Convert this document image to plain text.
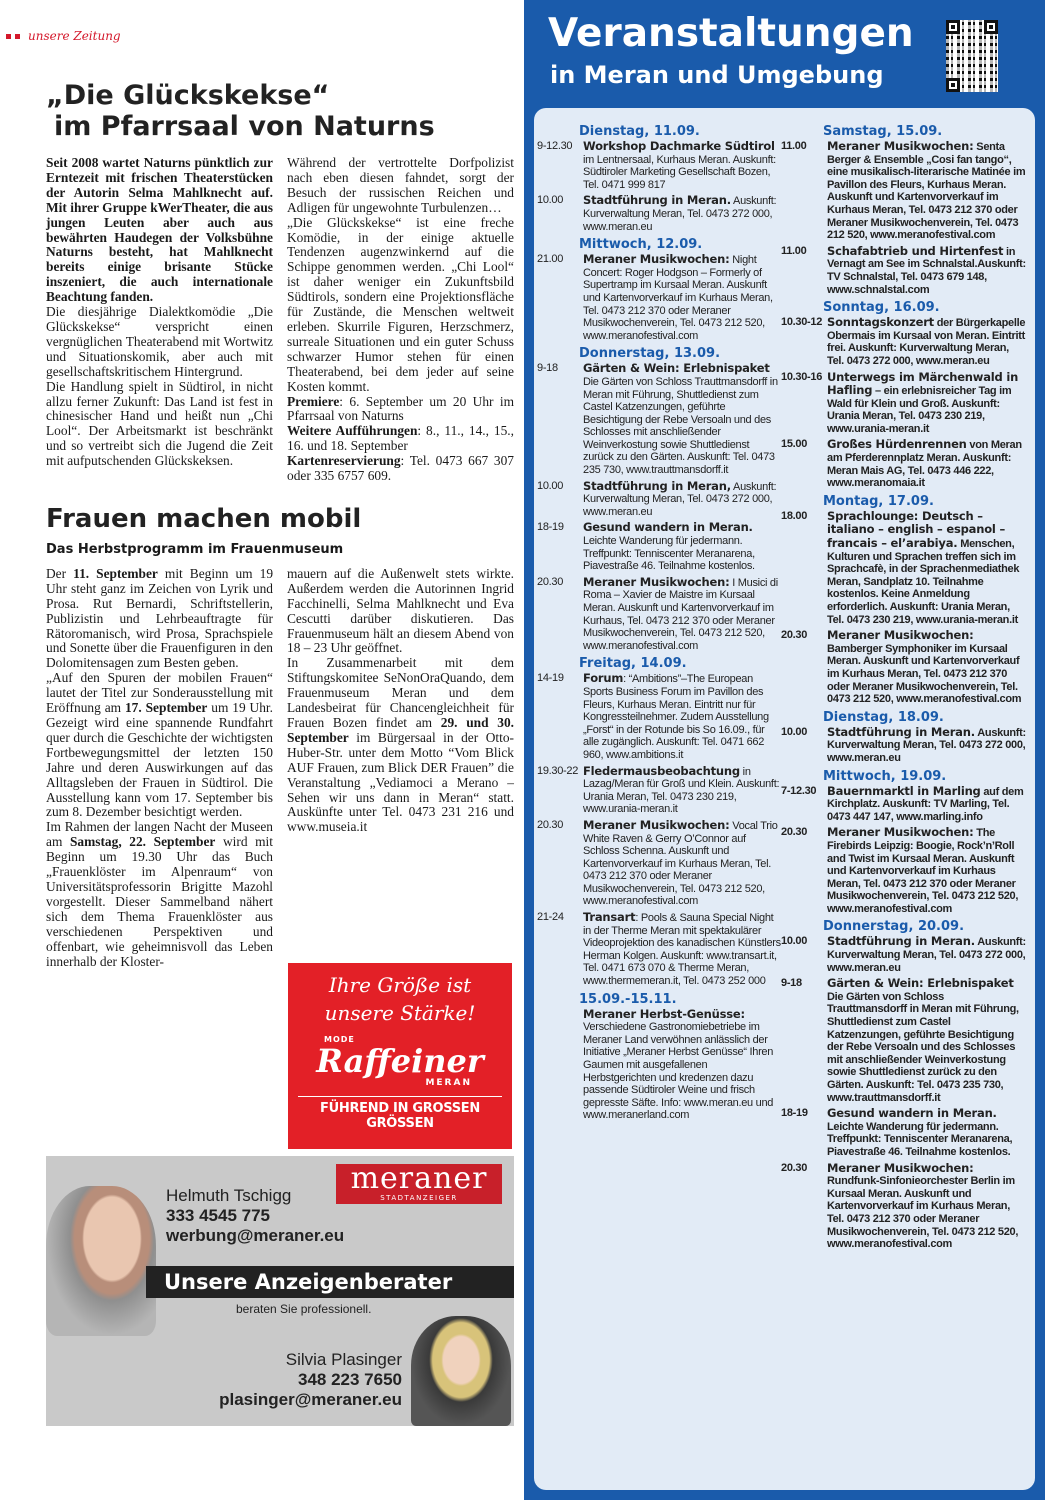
unsere Zeitung
„Die Glückskekse“
im Pfarrsaal von Naturns

Seit 2008 wartet Naturns pünktlich zur Erntezeit mit frischen Theaterstücken der Autorin Selma Mahlknecht auf. Mit ihrer Gruppe kWerTheater, die aus jungen Leuten aber auch aus bewährten Haudegen der Volksbühne Naturns besteht, hat Mahlknecht bereits einige brisante Stücke inszeniert, die auch internationale Beachtung fanden.

Die diesjährige Dialektkomödie „Die Glückskekse“ verspricht einen vergnüglichen Theaterabend mit Wortwitz und Situationskomik, aber auch mit gesellschaftskritischem Hintergrund.

Die Handlung spielt in Südtirol, in nicht allzu ferner Zukunft: Das Land ist fest in chinesischer Hand und heißt nun „Chi Lool“. Der Arbeitsmarkt ist beschränkt und so vertreibt sich die Jugend die Zeit mit aufputschenden Glückskeksen.

Während der vertrottelte Dorfpolizist nach eben diesen fahndet, sorgt der Besuch der russischen Reichen und Adligen für ungewohnte Turbulenzen…

„Die Glückskekse“ ist eine freche Komödie, in der einige aktuelle Tendenzen augenzwinkernd auf die Schippe genommen werden. „Chi Lool“ ist daher weniger ein Zukunftsbild Südtirols, sondern eine Projektionsfläche für Zustände, die Menschen weltweit erleben. Skurrile Figuren, Herzschmerz, surreale Situationen und ein guter Schuss schwarzer Humor stehen für einen Theaterabend, bei dem jeder auf seine Kosten kommt.

Premiere: 6. September um 20 Uhr im Pfarrsaal von Naturns

Weitere Aufführungen: 8., 11., 14., 15., 16. und 18. September

Kartenreservierung: Tel. 0473 667 307 oder 335 6757 609.

Frauen machen mobil
Das Herbstprogramm im Frauenmuseum

Der 11. September mit Beginn um 19 Uhr steht ganz im Zeichen von Lyrik und Prosa. Rut Bernardi, Schriftstellerin, Publizistin und Lehrbeauftragte für Rätoromanisch, wird Prosa, Sprachspiele und Sonette über die Frauenfiguren in den Dolomitensagen zum Besten geben.

„Auf den Spuren der mobilen Frauen“ lautet der Titel zur Sonderausstellung mit Eröffnung am 17. September um 19 Uhr. Gezeigt wird eine spannende Rundfahrt quer durch die Geschichte der wichtigsten Fortbewegungsmittel der letzten 150 Jahre und deren Auswirkungen auf das Alltagsleben der Frauen in Südtirol. Die Ausstellung kann vom 17. September bis zum 8. Dezember besichtigt werden.

Im Rahmen der langen Nacht der Museen am Samstag, 22. September wird mit Beginn um 19.30 Uhr das Buch „Frauenklöster im Alpenraum“ von Universitätsprofessorin Brigitte Mazohl vorgestellt. Dieser Sammelband nähert sich dem Thema Frauenklöster aus verschiedenen Perspektiven und offenbart, wie geheimnisvoll das Leben innerhalb der Kloster-

mauern auf die Außenwelt stets wirkte. Außerdem werden die Autorinnen Ingrid Facchinelli, Selma Mahlknecht und Eva Cescutti darüber diskutieren. Das Frauenmuseum hält an diesem Abend von 18 – 23 Uhr geöffnet.

In Zusammenarbeit mit dem Stiftungskomitee SeNonOraQuando, dem Frauenmuseum Meran und dem Landesbeirat für Chancengleichheit für Frauen Bozen findet am 29. und 30. September im Bürgersaal in der Otto-Huber-Str. unter dem Motto “Vom Blick AUF Frauen, zum Blick DER Frauen” die Veranstaltung „Vediamoci a Merano – Sehen wir uns dann in Meran“ statt. Auskünfte unter Tel. 0473 231 216 und www.museia.it

Ihre Größe ist
unsere Stärke!
MODE
Raffeiner
MERAN
FÜHREND IN GROSSEN GRÖSSEN
meraner
STADTANZEIGER
Helmuth Tschigg
333 4545 775
werbung@meraner.eu
Unsere Anzeigenberater
beraten Sie professionell.
Silvia Plasinger
348 223 7650
plasinger@meraner.eu
Veranstaltungen
in Meran und Umgebung
Dienstag, 11.09.
9-12.30 Workshop Dachmarke Südtirol im Lentnersaal, Kurhaus Meran. Auskunft: Südtiroler Marketing Gesellschaft Bozen, Tel. 0471 999 817
10.00	Stadtführung in Meran. Auskunft: Kurverwaltung Meran, Tel. 0473 272 000, www.meran.eu
Mittwoch, 12.09.
21.00	Meraner Musikwochen: Night Concert: Roger Hodgson – Formerly of Supertramp im Kursaal Meran. Auskunft und Kartenvorverkauf im Kurhaus Meran, Tel. 0473 212 370 oder Meraner Musikwochenverein, Tel. 0473 212 520, www.meranofestival.com
Donnerstag, 13.09.
9-18	Gärten & Wein: Erlebnispaket Die Gärten von Schloss Trauttmansdorff in Meran mit Führung, Shuttledienst zum Castel Katzenzungen, geführte Besichtigung der Rebe Versoaln und des Schlosses mit anschließender Weinverkostung sowie Shuttledienst zurück zu den Gärten. Auskunft: Tel. 0473 235 730, www.trauttmansdorff.it
10.00	Stadtführung in Meran, Auskunft: Kurverwaltung Meran, Tel. 0473 272 000, www.meran.eu
18-19	Gesund wandern in Meran. Leichte Wanderung für jedermann. Treffpunkt: Tenniscenter Meranarena, Piavestraße 46. Teilnahme kostenlos.
20.30	Meraner Musikwochen: I Musici di Roma – Xavier de Maistre im Kursaal Meran. Auskunft und Kartenvorverkauf im Kurhaus, Tel. 0473 212 370 oder Meraner Musikwochenverein, Tel. 0473 212 520, www.meranofestival.com
Freitag, 14.09.
14-19	Forum: “Ambitions”–The European Sports Business Forum im Pavillon des Fleurs, Kurhaus Meran. Eintritt nur für Kongressteilnehmer. Zudem Ausstellung „Forst“ in der Rotunde bis So 16.09., für alle zugänglich. Auskunft: Tel. 0471 662 960, www.ambitions.it
19.30-22 Fledermausbeobachtung in Lazag/Meran für Groß und Klein. Auskunft: Urania Meran, Tel. 0473 230 219, www.urania-meran.it
20.30	Meraner Musikwochen: Vocal Trio White Raven & Gerry O’Connor auf Schloss Schenna. Auskunft und Kartenvorverkauf im Kurhaus Meran, Tel. 0473 212 370 oder Meraner Musikwochenverein, Tel. 0473 212 520, www.meranofestival.com
21-24	Transart: Pools & Sauna Special Night in der Therme Meran mit spektakulärer Videoprojektion des kanadischen Künstlers Herman Kolgen. Auskunft: www.transart.it, Tel. 0471 673 070 & Therme Meran, www.thermemeran.it, Tel. 0473 252 000
15.09.-15.11.
Meraner Herbst-Genüsse: Verschiedene Gastronomiebetriebe im Meraner Land verwöhnen anlässlich der Initiative „Meraner Herbst Genüsse“ Ihren Gaumen mit ausgefallenen Herbstgerichten und kredenzen dazu passende Südtiroler Weine und frisch gepresste Säfte. Info: www.meran.eu und www.meranerland.com
Samstag, 15.09.
11.00	Meraner Musikwochen: Senta Berger & Ensemble „Cosi fan tango“, eine musikalisch-literarische Matinée im Pavillon des Fleurs, Kurhaus Meran. Auskunft und Kartenvorverkauf im Kurhaus Meran, Tel. 0473 212 370 oder Meraner Musikwochenverein, Tel. 0473 212 520, www.meranofestival.com
11.00	Schafabtrieb und Hirtenfest in Vernagt am See im Schnalstal.Auskunft: TV Schnalstal, Tel. 0473 679 148, www.schnalstal.com
Sonntag, 16.09.
10.30-12 Sonntagskonzert der Bürgerkapelle Obermais im Kursaal von Meran. Eintritt frei. Auskunft: Kurverwaltung Meran, Tel. 0473 272 000, www.meran.eu
10.30-16 Unterwegs im Märchenwald in Hafling – ein erlebnisreicher Tag im Wald für Klein und Groß. Auskunft: Urania Meran, Tel. 0473 230 219, www.urania-meran.it
15.00	Großes Hürdenrennen von Meran am Pferderennplatz Meran. Auskunft: Meran Mais AG, Tel. 0473 446 222, www.meranomaia.it
Montag, 17.09.
18.00	Sprachlounge: Deutsch – italiano – english – espanol – francais – el’arabiya. Menschen, Kulturen und Sprachen treffen sich im Sprachcafè, in der Sprachenmediathek Meran, Sandplatz 10. Teilnahme kostenlos. Keine Anmeldung erforderlich. Auskunft: Urania Meran, Tel. 0473 230 219, www.urania-meran.it
20.30	Meraner Musikwochen: Bamberger Symphoniker im Kursaal Meran. Auskunft und Kartenvorverkauf im Kurhaus Meran, Tel. 0473 212 370 oder Meraner Musikwochenverein, Tel. 0473 212 520, www.meranofestival.com
Dienstag, 18.09.
10.00	Stadtführung in Meran. Auskunft: Kurverwaltung Meran, Tel. 0473 272 000, www.meran.eu
Mittwoch, 19.09.
7-12.30 Bauernmarktl in Marling auf dem Kirchplatz. Auskunft: TV Marling, Tel. 0473 447 147, www.marling.info
20.30	Meraner Musikwochen: The Firebirds Leipzig: Boogie, Rock’n’Roll and Twist im Kursaal Meran. Auskunft und Kartenvorverkauf im Kurhaus Meran, Tel. 0473 212 370 oder Meraner Musikwochenverein, Tel. 0473 212 520, www.meranofestival.com
Donnerstag, 20.09.
10.00	Stadtführung in Meran. Auskunft: Kurverwaltung Meran, Tel. 0473 272 000, www.meran.eu
9-18	Gärten & Wein: Erlebnispaket Die Gärten von Schloss Trauttmansdorff in Meran mit Führung, Shuttledienst zum Castel Katzenzungen, geführte Besichtigung der Rebe Versoaln und des Schlosses mit anschließender Weinverkostung sowie Shuttledienst zurück zu den Gärten. Auskunft: Tel. 0473 235 730, www.trauttmansdorff.it
18-19	Gesund wandern in Meran. Leichte Wanderung für jedermann. Treffpunkt: Tenniscenter Meranarena, Piavestraße 46. Teilnahme kostenlos.
20.30	Meraner Musikwochen: Rundfunk-Sinfonieorchester Berlin im Kursaal Meran. Auskunft und Kartenvorverkauf im Kurhaus Meran, Tel. 0473 212 370 oder Meraner Musikwochenverein, Tel. 0473 212 520, www.meranofestival.com
